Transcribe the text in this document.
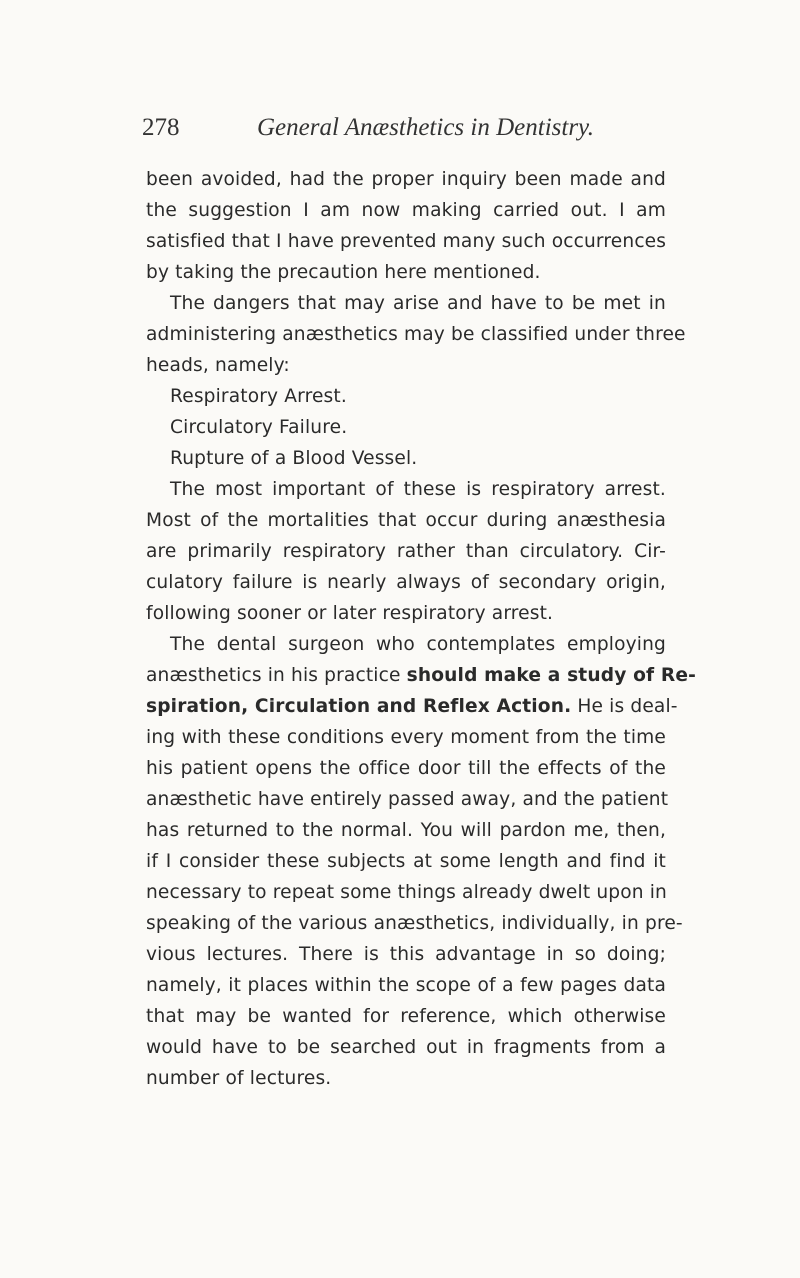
278	General Anæsthetics in Dentistry.
been avoided, had the proper inquiry been made and
the suggestion I am now making carried out. I am
satisfied that I have prevented many such occurrences
by taking the precaution here mentioned.
The dangers that may arise and have to be met in
administering anæsthetics may be classified under three
heads, namely:
Respiratory Arrest.
Circulatory Failure.
Rupture of a Blood Vessel.
The most important of these is respiratory arrest.
Most of the mortalities that occur during anæsthesia
are primarily respiratory rather than circulatory. Cir-
culatory failure is nearly always of secondary origin,
following sooner or later respiratory arrest.
The dental surgeon who contemplates employing
anæsthetics in his practice should make a study of Re-
spiration, Circulation and Reflex Action. He is deal-
ing with these conditions every moment from the time
his patient opens the office door till the effects of the
anæsthetic have entirely passed away, and the patient
has returned to the normal. You will pardon me, then,
if I consider these subjects at some length and find it
necessary to repeat some things already dwelt upon in
speaking of the various anæsthetics, individually, in pre-
vious lectures. There is this advantage in so doing;
namely, it places within the scope of a few pages data
that may be wanted for reference, which otherwise
would have to be searched out in fragments from a
number of lectures.
